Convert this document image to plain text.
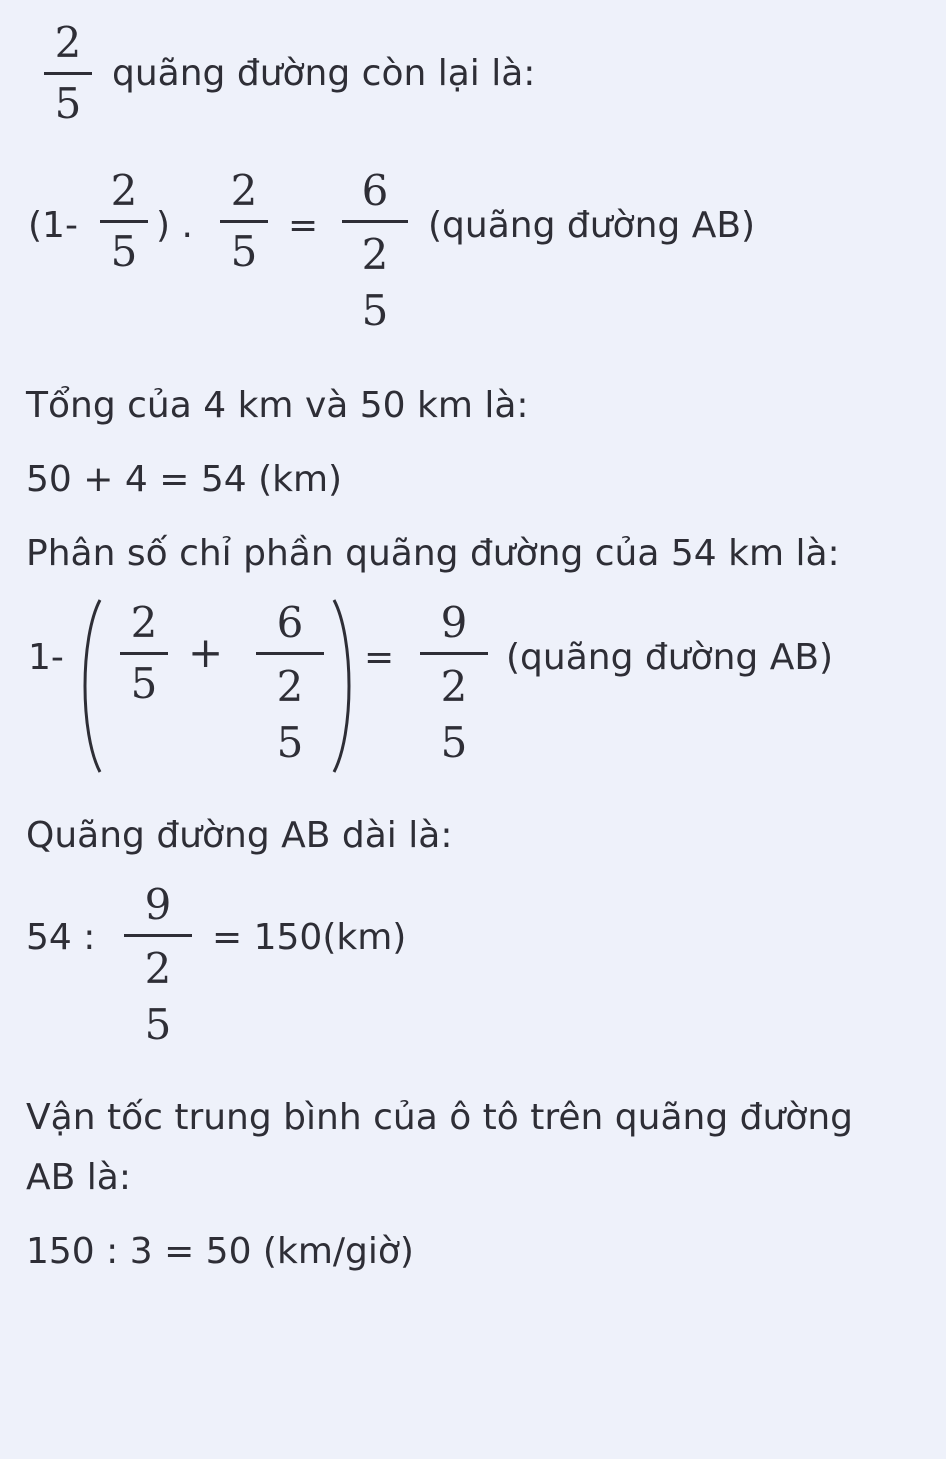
2
5
quãng đường còn lại là:
(1-
2
5
) .
2
5
=
6
2
5
(quãng đường AB)
Tổng của 4 km và 50 km là:
50 + 4 = 54 (km)
Phân số chỉ phần quãng đường của 54 km là:
1-
2
5
+
6
2
5
=
9
2
5
(quãng đường AB)
Quãng đường AB dài là:
54 :
9
2
5
= 150(km)
Vận tốc trung bình của ô tô trên quãng đường
AB là:
150 : 3 = 50 (km/giờ)
